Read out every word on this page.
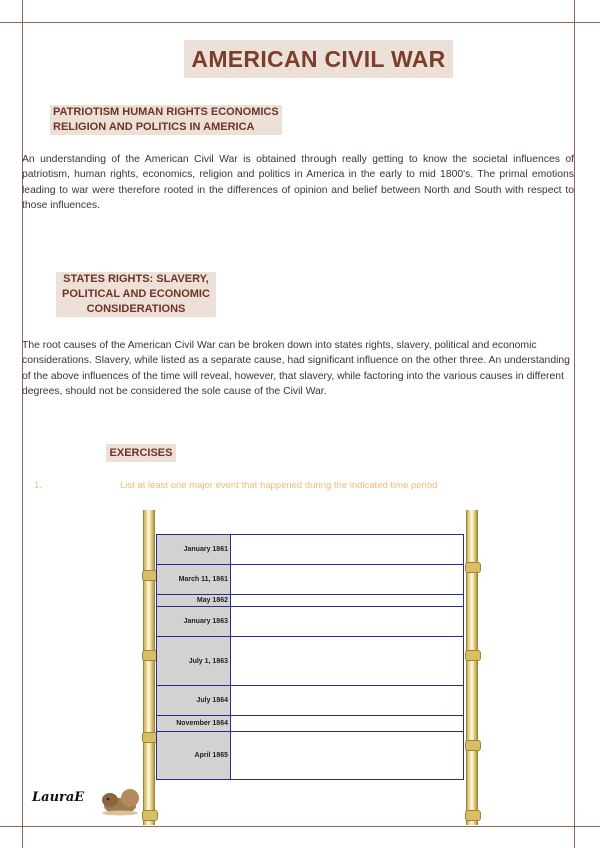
AMERICAN CIVIL WAR
PATRIOTISM HUMAN RIGHTS ECONOMICS
RELIGION AND POLITICS IN AMERICA

An understanding of the American Civil War is obtained through really getting to know the societal influences of patriotism, human rights, economics, religion and politics in America in the early to mid 1800's. The primal emotions leading to war were therefore rooted in the differences of opinion and belief between North and South with respect to those influences.

STATES RIGHTS: SLAVERY,
POLITICAL AND ECONOMIC
CONSIDERATIONS

The root causes of the American Civil War can be broken down into states rights, slavery, political and economic considerations. Slavery, while listed as a separate cause, had significant influence on the other three. An understanding of the above influences of the time will reveal, however, that slavery, while factoring into the various causes in different degrees, should not be considered the sole cause of the Civil War.

EXERCISES
1.	List at least one major event that happened during the indicated time period
January 1861
March 11, 1861
May 1862
January 1863
July 1, 1863
July 1864
November 1864
April 1865
LauraE
